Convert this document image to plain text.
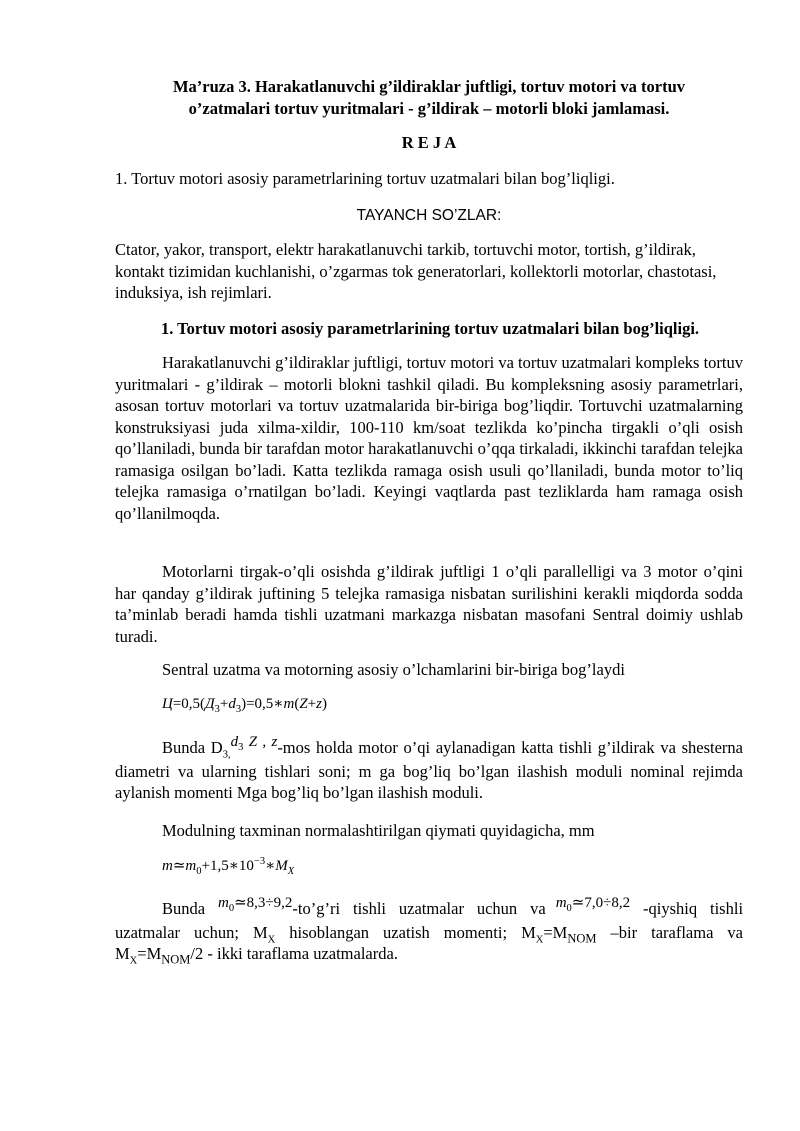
Ma’ruza 3. Harakatlanuvchi g’ildiraklar juftligi, tortuv motori va tortuv
o’zatmalari tortuv yuritmalari - g’ildirak – motorli bloki jamlamasi.

R E J A

1. Tortuv motori asosiy parametrlarining tortuv uzatmalari bilan bog’liqligi.

TAYANCH SO’ZLAR:

Ctator, yakor, transport, elektr harakatlanuvchi tarkib, tortuvchi motor, tortish, g’ildirak, kontakt tizimidan kuchlanishi, o’zgarmas tok generatorlari, kollektorli motorlar, chastotasi, induksiya, ish rejimlari.

1. Tortuv motori asosiy parametrlarining tortuv uzatmalari bilan bog’liqligi.

Harakatlanuvchi g’ildiraklar juftligi, tortuv motori va tortuv uzatmalari kompleks tortuv yuritmalari - g’ildirak – motorli blokni tashkil qiladi. Bu kompleksning asosiy parametrlari, asosan tortuv motorlari va tortuv uzatmalarida bir-biriga bog’liqdir. Tortuvchi uzatmalarning konstruksiyasi juda xilma-xildir, 100-110 km/soat tezlikda ko’pincha tirgakli o’qli osish qo’llaniladi, bunda bir tarafdan motor harakatlanuvchi o’qqa tirkaladi, ikkinchi tarafdan telejka ramasiga osilgan bo’ladi. Katta tezlikda ramaga osish usuli qo’llaniladi, bunda motor to’liq telejka ramasiga o’rnatilgan bo’ladi. Keyingi vaqtlarda past tezliklarda ham ramaga osish qo’llanilmoqda.

Motorlarni tirgak-o’qli osishda g’ildirak juftligi 1 o’qli parallelligi va 3 motor o’qini har qanday g’ildirak juftining 5 telejka ramasiga nisbatan surilishini kerakli miqdorda sodda ta’minlab beradi hamda tishli uzatmani markazga nisbatan masofani Sentral doimiy ushlab turadi.

Sentral uzatma va motorning asosiy o’lchamlarini bir-biriga bog’laydi

$Ц=0,5(Д_3+d_3)=0,5∗m(Z+z)$

Bunda $D_{3,}d_3$ Z , z-mos holda motor o’qi aylanadigan katta tishli g’ildirak va shesterna diametri va ularning tishlari soni; m ga bog’liq bo’lgan ilashish moduli nominal rejimda aylanish momenti Mga bog’liq bo’lgan ilashish moduli.

Modulning taxminan normalashtirilgan qiymati quyidagicha, mm

$m≃m_0+1,5∗10^{-3}∗M_X$

Bunda $m_0≃8,3\div 9,2-to’g’ri$ tishli uzatmalar uchun va $m_0≃7,0\div 8,2$ -qiyshiq tishli uzatmalar uchun; $M_X$ hisoblangan uzatish momenti; $M_X=M_{NOM}$ –bir taraflama va $M_X=M_{NOM}/2$ - ikki taraflama uzatmalarda.
